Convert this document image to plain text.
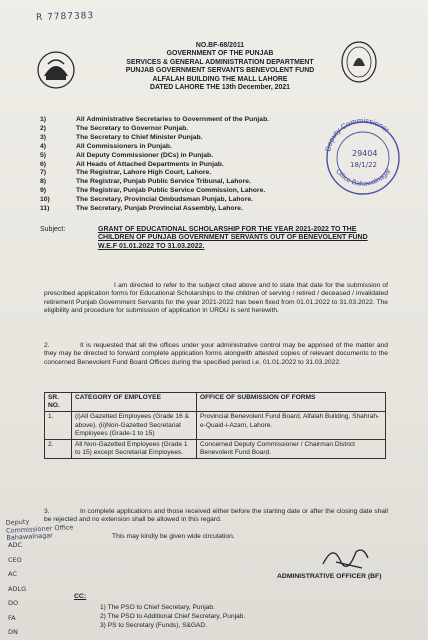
R 7787383
NO.BF-68/2011
GOVERNMENT OF THE PUNJAB
SERVICES & GENERAL ADMINISTRATION DEPARTMENT
PUNJAB GOVERNMENT SERVANTS BENEVOLENT FUND
ALFALAH BUILDING THE MALL LAHORE
DATED LAHORE THE 13th December, 2021
1)	All Administrative Secretaries to Government of the Punjab.
2)	The Secretary to Governor Punjab.
3)	The Secretary to Chief Minister Punjab.
4)	All Commissioners in Punjab.
5)	All Deputy Commissioner (DCs) in Punjab.
6)	All Heads of Attached Departments in Punjab.
7)	The Registrar, Lahore High Court, Lahore.
8)	The Registrar, Punjab Public Service Tribunal, Lahore.
9)	The Registrar, Punjab Public Service Commission, Lahore.
10)	The Secretary, Provincial Ombudsman Punjab, Lahore.
11)	The Secretary, Punjab Provincial Assembly, Lahore.
Deputy Commissioner
Office Bahawalnagar
29404
18/1/22
Subject:	GRANT OF EDUCATIONAL SCHOLARSHIP FOR THE YEAR 2021-2022 TO THE CHILDREN OF PUNJAB GOVERNMENT SERVANTS OUT OF BENEVOLENT FUND W.E.F 01.01.2022 TO 31.03.2022.
I am directed to refer to the subject cited above and to state that date for the submission of prescribed application forms for Educational Scholarships to the children of serving / retired / deceased / invalidated retirement Punjab Government Servants for the year 2021-2022 has been fixed from 01.01.2022 to 31.03.2022. The eligibility and procedure for submission of application in URDU is sent herewith.
2.	It is requested that all the offices under your administrative control may be apprised of the matter and they may be directed to forward complete application forms alongwith attested copies of relevant documents to the concerned Benevolent Fund Board Offices during the specified period i.e. 01.01.2022 to 31.03.2022.
SR. NO.	CATEGORY OF EMPLOYEE	OFFICE OF SUBMISSION OF FORMS
1.	(i)All Gazetted Employees (Grade 16 & above). (ii)Non-Gazetted Secretariat Employees (Grade-1 to 15)	Provincial Benevolent Fund Board, Alfalah Building, Shahrah-e-Quaid-i-Azam, Lahore.
2.	All Non-Gazetted Employees (Grade 1 to 15) except Secretariat Employees.	Concerned Deputy Commissioner / Chairman District Benevolent Fund Board.
3.	In complete applications and those received either before the starting date or after the closing date shall be rejected and no extension shall be allowed in this regard.
This may kindly be given wide circulation.
Deputy Commissioner Office Bahawalnagar
ADC
CEO
AC
ADLG
DO
FA
DN
ADMINISTRATIVE OFFICER (BF)
CC:
1) The PSO to Chief Secretary, Punjab.
2) The PSO to Additional Chief Secretary, Punjab.
3) PS to Secretary (Funds), S&GAD.
